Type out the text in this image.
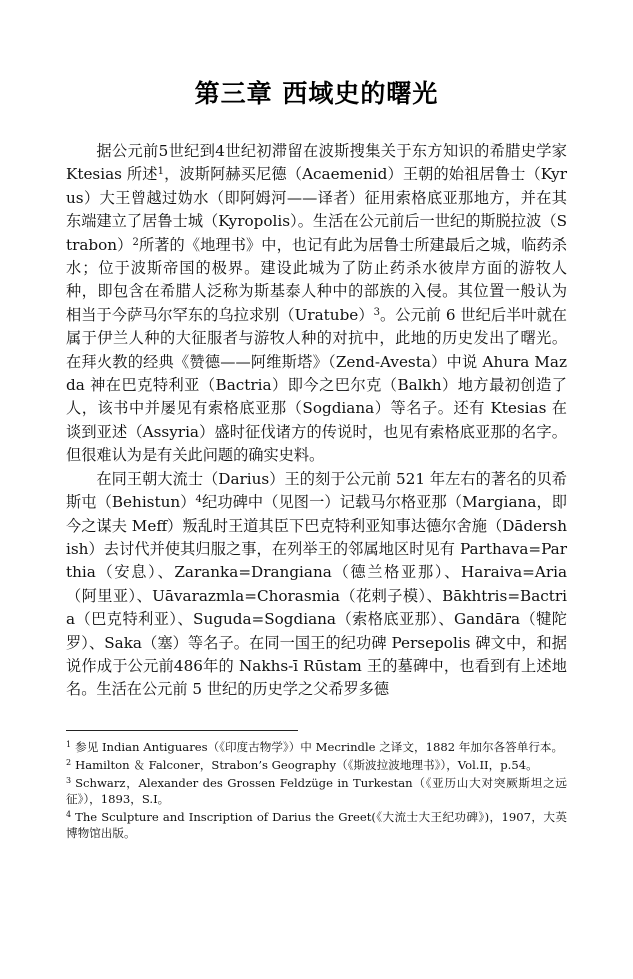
第三章 西域史的曙光

据公元前5世纪到4世纪初滞留在波斯搜集关于东方知识的希腊史学家 Ktesias 所述$^1$，波斯阿赫买尼德（Acaemenid）王朝的始祖居鲁士（Kyrus）大王曾越过妫水（即阿姆河——译者）征用索格底亚那地方，并在其东端建立了居鲁士城（Kyropolis）。生活在公元前后一世纪的斯脱拉波（Strabon）$^2$所著的《地理书》中，也记有此为居鲁士所建最后之城，临药杀水；位于波斯帝国的极界。建设此城为了防止药杀水彼岸方面的游牧人种，即包含在希腊人泛称为斯基泰人种中的部族的入侵。其位置一般认为相当于今萨马尔罕东的乌拉求别（Uratube）$^3$。公元前 6 世纪后半叶就在属于伊兰人种的大征服者与游牧人种的对抗中，此地的历史发出了曙光。在拜火教的经典《赞德——阿维斯塔》（Zend-Avesta）中说 Ahura Mazda 神在巴克特利亚（Bactria）即今之巴尔克（Balkh）地方最初创造了人，该书中并屡见有索格底亚那（Sogdiana）等名子。还有 Ktesias 在谈到亚述（Assyria）盛时征伐诸方的传说时，也见有索格底亚那的名字。但很难认为是有关此问题的确实史料。

在同王朝大流士（Darius）王的刻于公元前 521 年左右的著名的贝希斯屯（Behistun）$^4$纪功碑中（见图一）记载马尔格亚那（Margiana，即今之谋夫 Meff）叛乱时王道其臣下巴克特利亚知事达德尔舍施（Dādershish）去讨代并使其归服之事，在列举王的邻属地区时见有 Parthava=Parthia（安息）、Zaranka=Drangiana（德兰格亚那）、Haraiva=Aria（阿里亚）、Uāvarazmla=Chorasmia（花剌子模）、Bākhtris=Bactria（巴克特利亚）、Suguda=Sogdiana（索格底亚那）、Gandāra（犍陀罗）、Saka（塞）等名子。在同一国王的纪功碑 Persepolis 碑文中，和据说作成于公元前486年的 Nakhs-ī Rūstam 王的墓碑中，也看到有上述地名。生活在公元前 5 世纪的历史学之父希罗多德

$^1$ 参见 Indian Antiguares（《印度古物学》）中 Mecrindle 之译文，1882 年加尔各答单行本。

$^2$ Hamilton ＆ Falconer，Strabon’s Geography（《斯波拉波地理书》），Vol.II，p.54。

$^3$ Schwarz，Alexander des Grossen Feldzüge in Turkestan（《亚历山大对突厥斯坦之远征》），1893，S.I。

$^4$ The Sculpture and Inscription of Darius the Greet(《大流士大王纪功碑》)，1907，大英博物馆出版。
